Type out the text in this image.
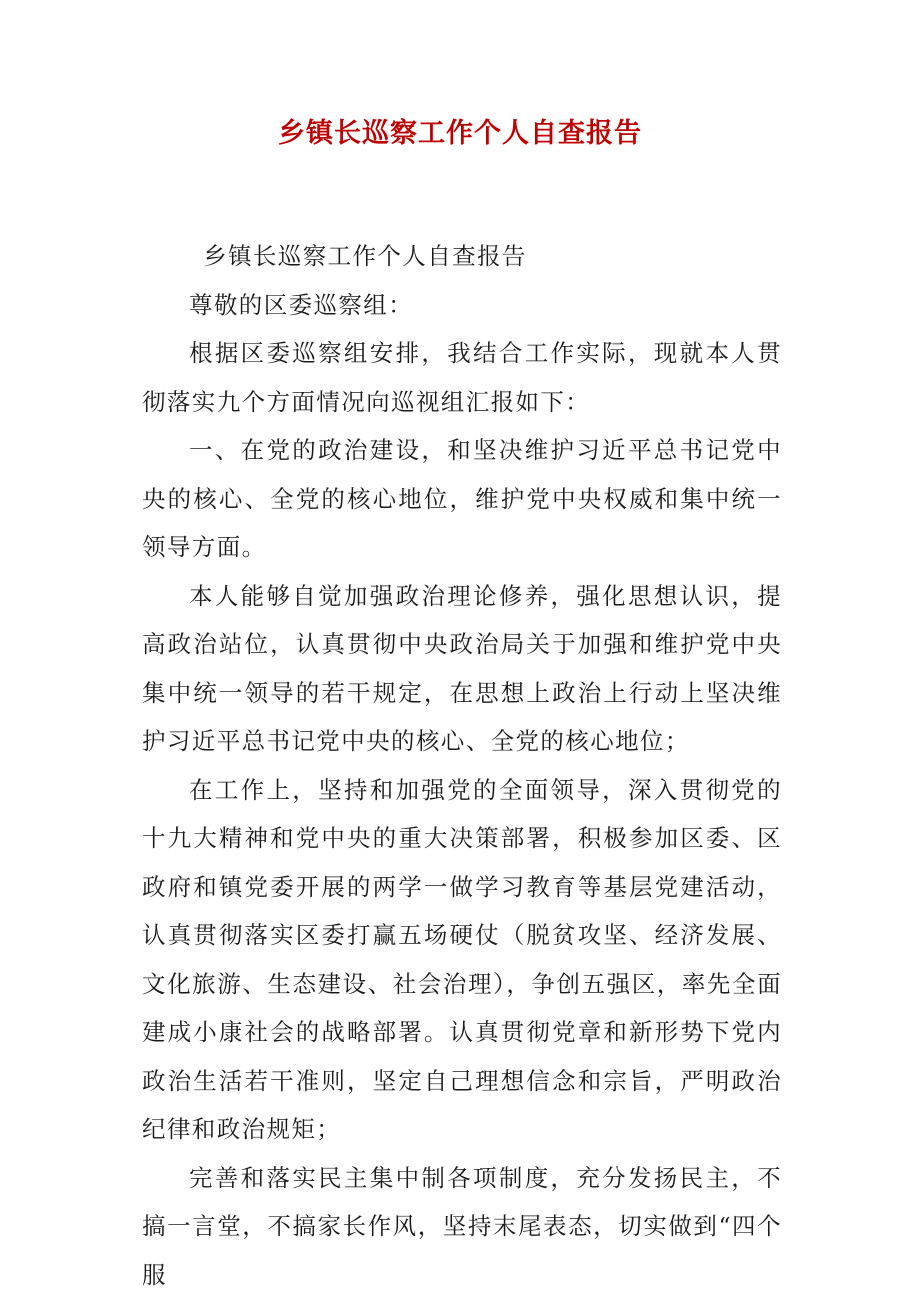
乡镇长巡察工作个人自查报告

乡镇长巡察工作个人自查报告

尊敬的区委巡察组：

根据区委巡察组安排，我结合工作实际，现就本人贯彻落实九个方面情况向巡视组汇报如下：

一、在党的政治建设，和坚决维护习近平总书记党中央的核心、全党的核心地位，维护党中央权威和集中统一领导方面。

本人能够自觉加强政治理论修养，强化思想认识，提高政治站位，认真贯彻中央政治局关于加强和维护党中央集中统一领导的若干规定，在思想上政治上行动上坚决维护习近平总书记党中央的核心、全党的核心地位；

在工作上，坚持和加强党的全面领导，深入贯彻党的十九大精神和党中央的重大决策部署，积极参加区委、区政府和镇党委开展的两学一做学习教育等基层党建活动，认真贯彻落实区委打赢五场硬仗（脱贫攻坚、经济发展、文化旅游、生态建设、社会治理），争创五强区，率先全面建成小康社会的战略部署。认真贯彻党章和新形势下党内政治生活若干准则，坚定自己理想信念和宗旨，严明政治纪律和政治规矩；

完善和落实民主集中制各项制度，充分发扬民主，不搞一言堂，不搞家长作风，坚持末尾表态，切实做到“四个服
